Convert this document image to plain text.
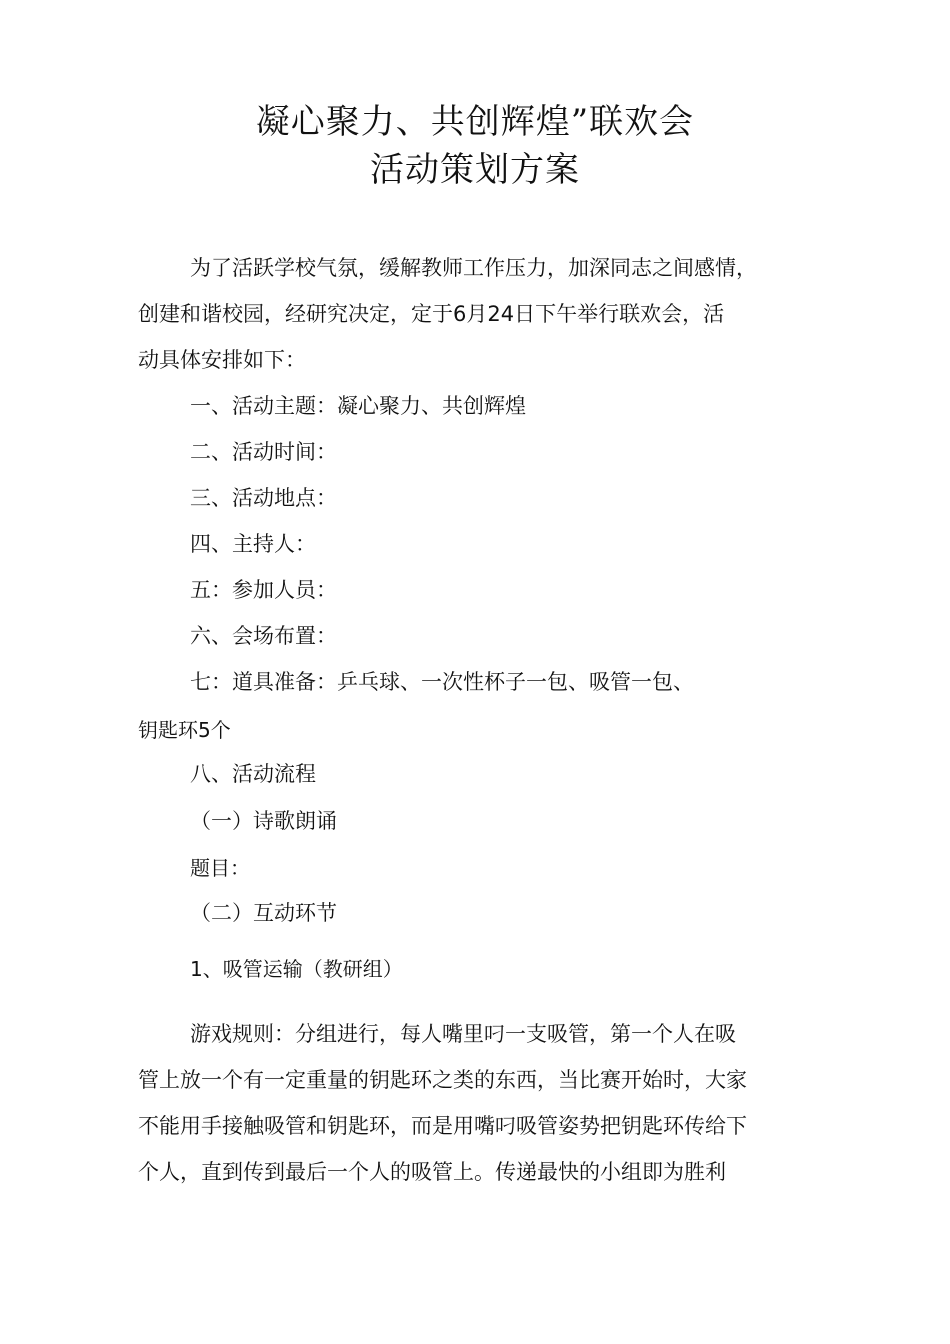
凝心聚力、共创辉煌”联欢会
活动策划方案
为了活跃学校气氛，缓解教师工作压力，加深同志之间感情，
创建和谐校园，经研究决定，定于6月24日下午举行联欢会，活
动具体安排如下：
一、活动主题：凝心聚力、共创辉煌
二、活动时间：
三、活动地点：
四、主持人：
五：参加人员：
六、会场布置：
七：道具准备：乒乓球、一次性杯子一包、吸管一包、
钥匙环5个
八、活动流程
（一）诗歌朗诵
题目：
（二）互动环节
1、吸管运输（教研组）
游戏规则：分组进行，每人嘴里叼一支吸管，第一个人在吸
管上放一个有一定重量的钥匙环之类的东西，当比赛开始时，大家
不能用手接触吸管和钥匙环，而是用嘴叼吸管姿势把钥匙环传给下
个人，直到传到最后一个人的吸管上。传递最快的小组即为胜利
